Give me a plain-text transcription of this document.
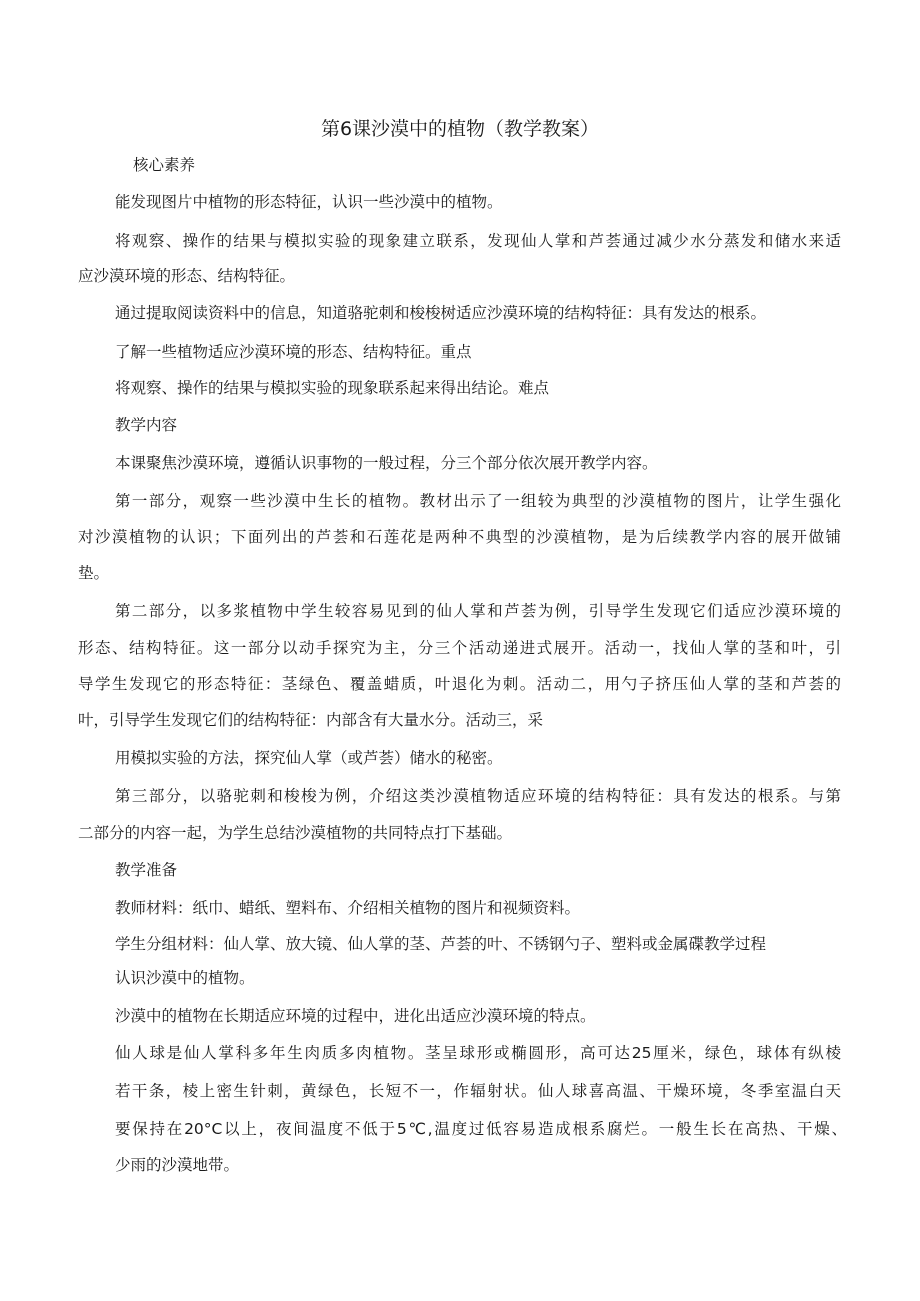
第6课沙漠中的植物（教学教案）
核心素养
能发现图片中植物的形态特征，认识一些沙漠中的植物。
将观察、操作的结果与模拟实验的现象建立联系，发现仙人掌和芦荟通过减少水分蒸发和储水来适
应沙漠环境的形态、结构特征。
通过提取阅读资料中的信息，知道骆驼刺和梭梭树适应沙漠环境的结构特征：具有发达的根系。
了解一些植物适应沙漠环境的形态、结构特征。重点
将观察、操作的结果与模拟实验的现象联系起来得出结论。难点
教学内容
本课聚焦沙漠环境，遵循认识事物的一般过程，分三个部分依次展开教学内容。
第一部分，观察一些沙漠中生长的植物。教材出示了一组较为典型的沙漠植物的图片，让学生强化
对沙漠植物的认识；下面列出的芦荟和石莲花是两种不典型的沙漠植物，是为后续教学内容的展开做铺
垫。
第二部分，以多浆植物中学生较容易见到的仙人掌和芦荟为例，引导学生发现它们适应沙漠环境的
形态、结构特征。这一部分以动手探究为主，分三个活动递进式展开。活动一，找仙人掌的茎和叶，引
导学生发现它的形态特征：茎绿色、覆盖蜡质，叶退化为刺。活动二，用勺子挤压仙人掌的茎和芦荟的
叶，引导学生发现它们的结构特征：内部含有大量水分。活动三，采
用模拟实验的方法，探究仙人掌（或芦荟）储水的秘密。
第三部分，以骆驼刺和梭梭为例，介绍这类沙漠植物适应环境的结构特征：具有发达的根系。与第
二部分的内容一起，为学生总结沙漠植物的共同特点打下基础。
教学准备
教师材料：纸巾、蜡纸、塑料布、介绍相关植物的图片和视频资料。
学生分组材料：仙人掌、放大镜、仙人掌的茎、芦荟的叶、不锈钢勺子、塑料或金属碟教学过程
认识沙漠中的植物。
沙漠中的植物在长期适应环境的过程中，进化出适应沙漠环境的特点。
仙人球是仙人掌科多年生肉质多肉植物。茎呈球形或椭圆形，高可达25厘米，绿色，球体有纵棱
若干条，棱上密生针刺，黄绿色，长短不一，作辐射状。仙人球喜高温、干燥环境，冬季室温白天
要保持在20°C以上，夜间温度不低于5℃,温度过低容易造成根系腐烂。一般生长在高热、干燥、
少雨的沙漠地带。
